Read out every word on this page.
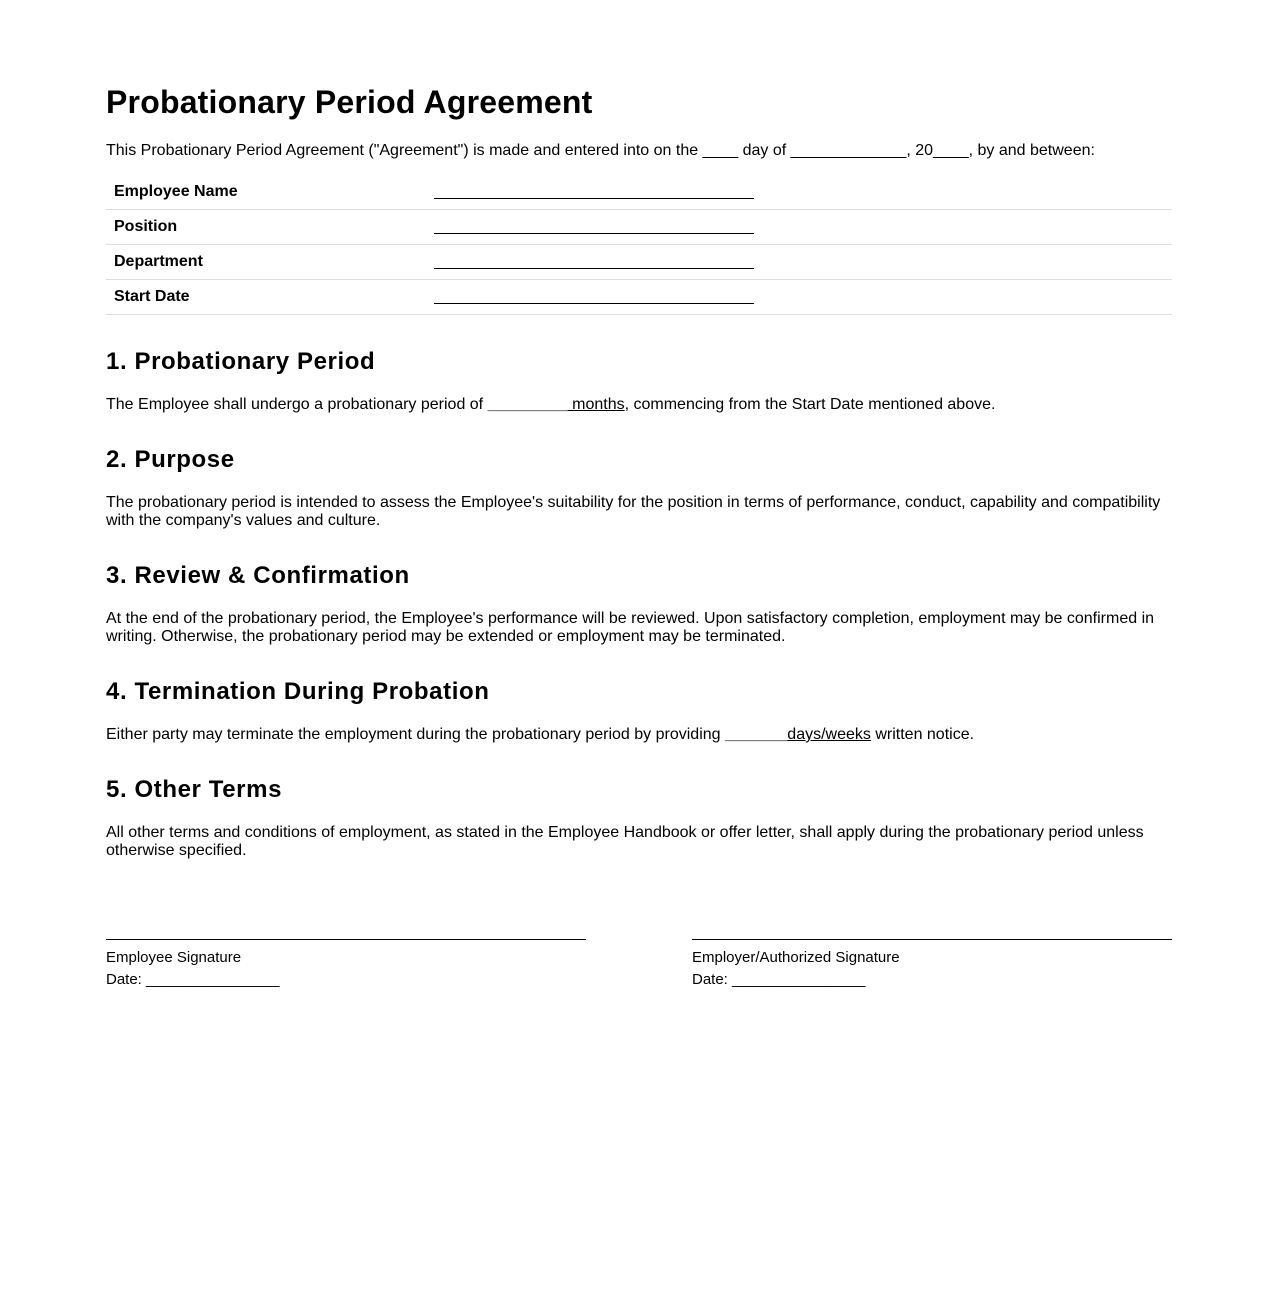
Probationary Period Agreement

This Probationary Period Agreement ("Agreement") is made and entered into on the ____ day of _____________, 20____, by and between:

Employee Name	
Position	
Department	
Start Date	
1. Probationary Period

The Employee shall undergo a probationary period of _________ months, commencing from the Start Date mentioned above.

2. Purpose

The probationary period is intended to assess the Employee's suitability for the position in terms of performance, conduct, capability and compatibility with the company's values and culture.

3. Review & Confirmation

At the end of the probationary period, the Employee's performance will be reviewed. Upon satisfactory completion, employment may be confirmed in writing. Otherwise, the probationary period may be extended or employment may be terminated.

4. Termination During Probation

Either party may terminate the employment during the probationary period by providing _______days/weeks written notice.

5. Other Terms

All other terms and conditions of employment, as stated in the Employee Handbook or offer letter, shall apply during the probationary period unless otherwise specified.

Employee Signature
Date: ________________
Employer/Authorized Signature
Date: ________________
